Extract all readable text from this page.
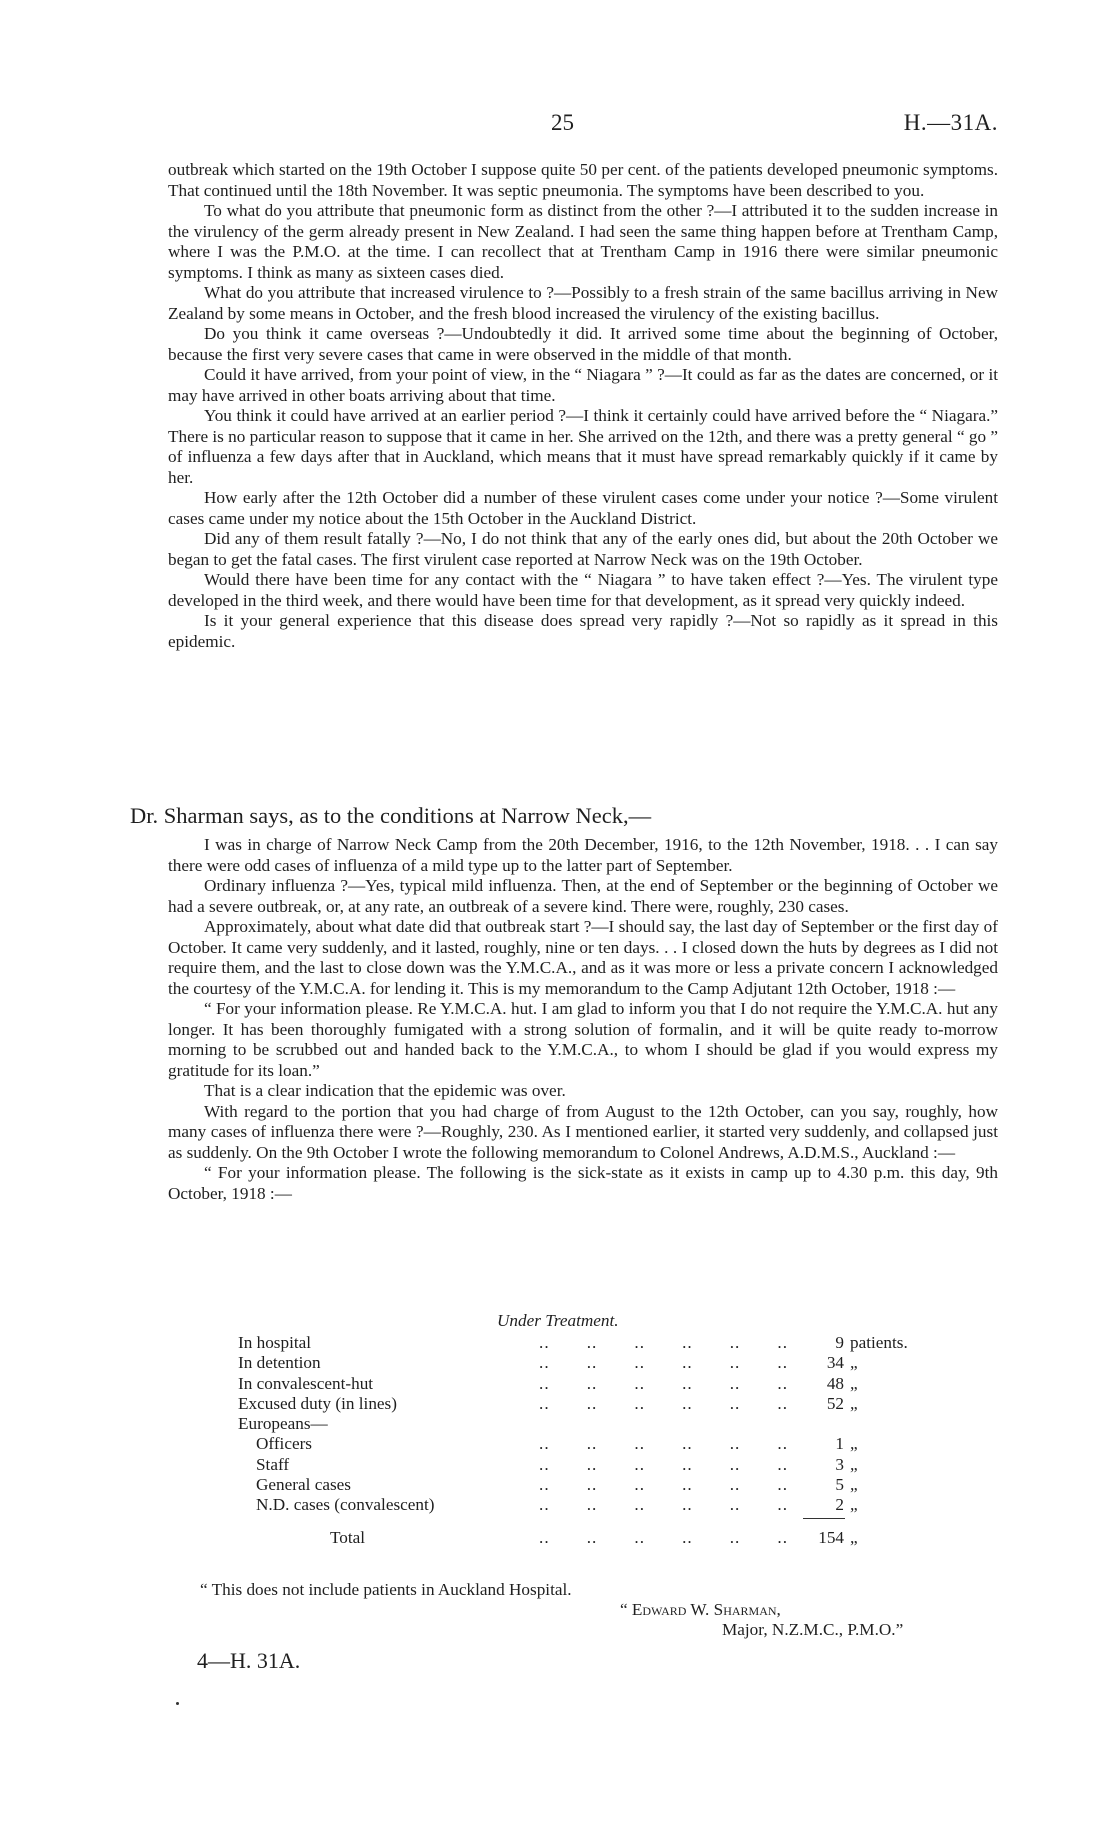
25	H.—31A.

outbreak which started on the 19th October I suppose quite 50 per cent. of the patients developed pneumonic symptoms. That continued until the 18th November. It was septic pneumonia. The symptoms have been described to you.

To what do you attribute that pneumonic form as distinct from the other ?—I attributed it to the sudden increase in the virulency of the germ already present in New Zealand. I had seen the same thing happen before at Trentham Camp, where I was the P.M.O. at the time. I can recollect that at Trentham Camp in 1916 there were similar pneumonic symptoms. I think as many as sixteen cases died.

What do you attribute that increased virulence to ?—Possibly to a fresh strain of the same bacillus arriving in New Zealand by some means in October, and the fresh blood increased the virulency of the existing bacillus.

Do you think it came overseas ?—Undoubtedly it did. It arrived some time about the beginning of October, because the first very severe cases that came in were observed in the middle of that month.

Could it have arrived, from your point of view, in the “ Niagara ” ?—It could as far as the dates are concerned, or it may have arrived in other boats arriving about that time.

You think it could have arrived at an earlier period ?—I think it certainly could have arrived before the “ Niagara.” There is no particular reason to suppose that it came in her. She arrived on the 12th, and there was a pretty general “ go ” of influenza a few days after that in Auckland, which means that it must have spread remarkably quickly if it came by her.

How early after the 12th October did a number of these virulent cases come under your notice ?—Some virulent cases came under my notice about the 15th October in the Auckland District.

Did any of them result fatally ?—No, I do not think that any of the early ones did, but about the 20th October we began to get the fatal cases. The first virulent case reported at Narrow Neck was on the 19th October.

Would there have been time for any contact with the “ Niagara ” to have taken effect ?—Yes. The virulent type developed in the third week, and there would have been time for that development, as it spread very quickly indeed.

Is it your general experience that this disease does spread very rapidly ?—Not so rapidly as it spread in this epidemic.

Dr. Sharman says, as to the conditions at Narrow Neck,—

I was in charge of Narrow Neck Camp from the 20th December, 1916, to the 12th November, 1918. . . I can say there were odd cases of influenza of a mild type up to the latter part of September.

Ordinary influenza ?—Yes, typical mild influenza. Then, at the end of September or the beginning of October we had a severe outbreak, or, at any rate, an outbreak of a severe kind. There were, roughly, 230 cases.

Approximately, about what date did that outbreak start ?—I should say, the last day of September or the first day of October. It came very suddenly, and it lasted, roughly, nine or ten days. . . I closed down the huts by degrees as I did not require them, and the last to close down was the Y.M.C.A., and as it was more or less a private concern I acknowledged the courtesy of the Y.M.C.A. for lending it. This is my memorandum to the Camp Adjutant 12th October, 1918 :—

“ For your information please. Re Y.M.C.A. hut. I am glad to inform you that I do not require the Y.M.C.A. hut any longer. It has been thoroughly fumigated with a strong solution of formalin, and it will be quite ready to-morrow morning to be scrubbed out and handed back to the Y.M.C.A., to whom I should be glad if you would express my gratitude for its loan.”

That is a clear indication that the epidemic was over.

With regard to the portion that you had charge of from August to the 12th October, can you say, roughly, how many cases of influenza there were ?—Roughly, 230. As I mentioned earlier, it started very suddenly, and collapsed just as suddenly. On the 9th October I wrote the following memorandum to Colonel Andrews, A.D.M.S., Auckland :—

“ For your information please. The following is the sick-state as it exists in camp up to 4.30 p.m. this day, 9th October, 1918 :—

Under Treatment.
In hospital	..       ..       ..       ..       ..       ..	9 patients.
In detention	..       ..       ..       ..       ..       ..	34 „
In convalescent-hut	..       ..       ..       ..       ..       ..	48 „
Excused duty (in lines)	..       ..       ..       ..       ..       ..	52 „
Europeans—
Officers	..       ..       ..       ..       ..       ..	1 „
Staff	..       ..       ..       ..       ..       ..	3 „
General cases	..       ..       ..       ..       ..       ..	5 „
N.D. cases (convalescent)	..       ..       ..       ..       ..       ..	2 „
Total	..       ..       ..       ..       ..       ..	154 „
“ This does not include patients in Auckland Hospital.
“ Edward W. Sharman,
Major, N.Z.M.C., P.M.O.”
4—H. 31A.
